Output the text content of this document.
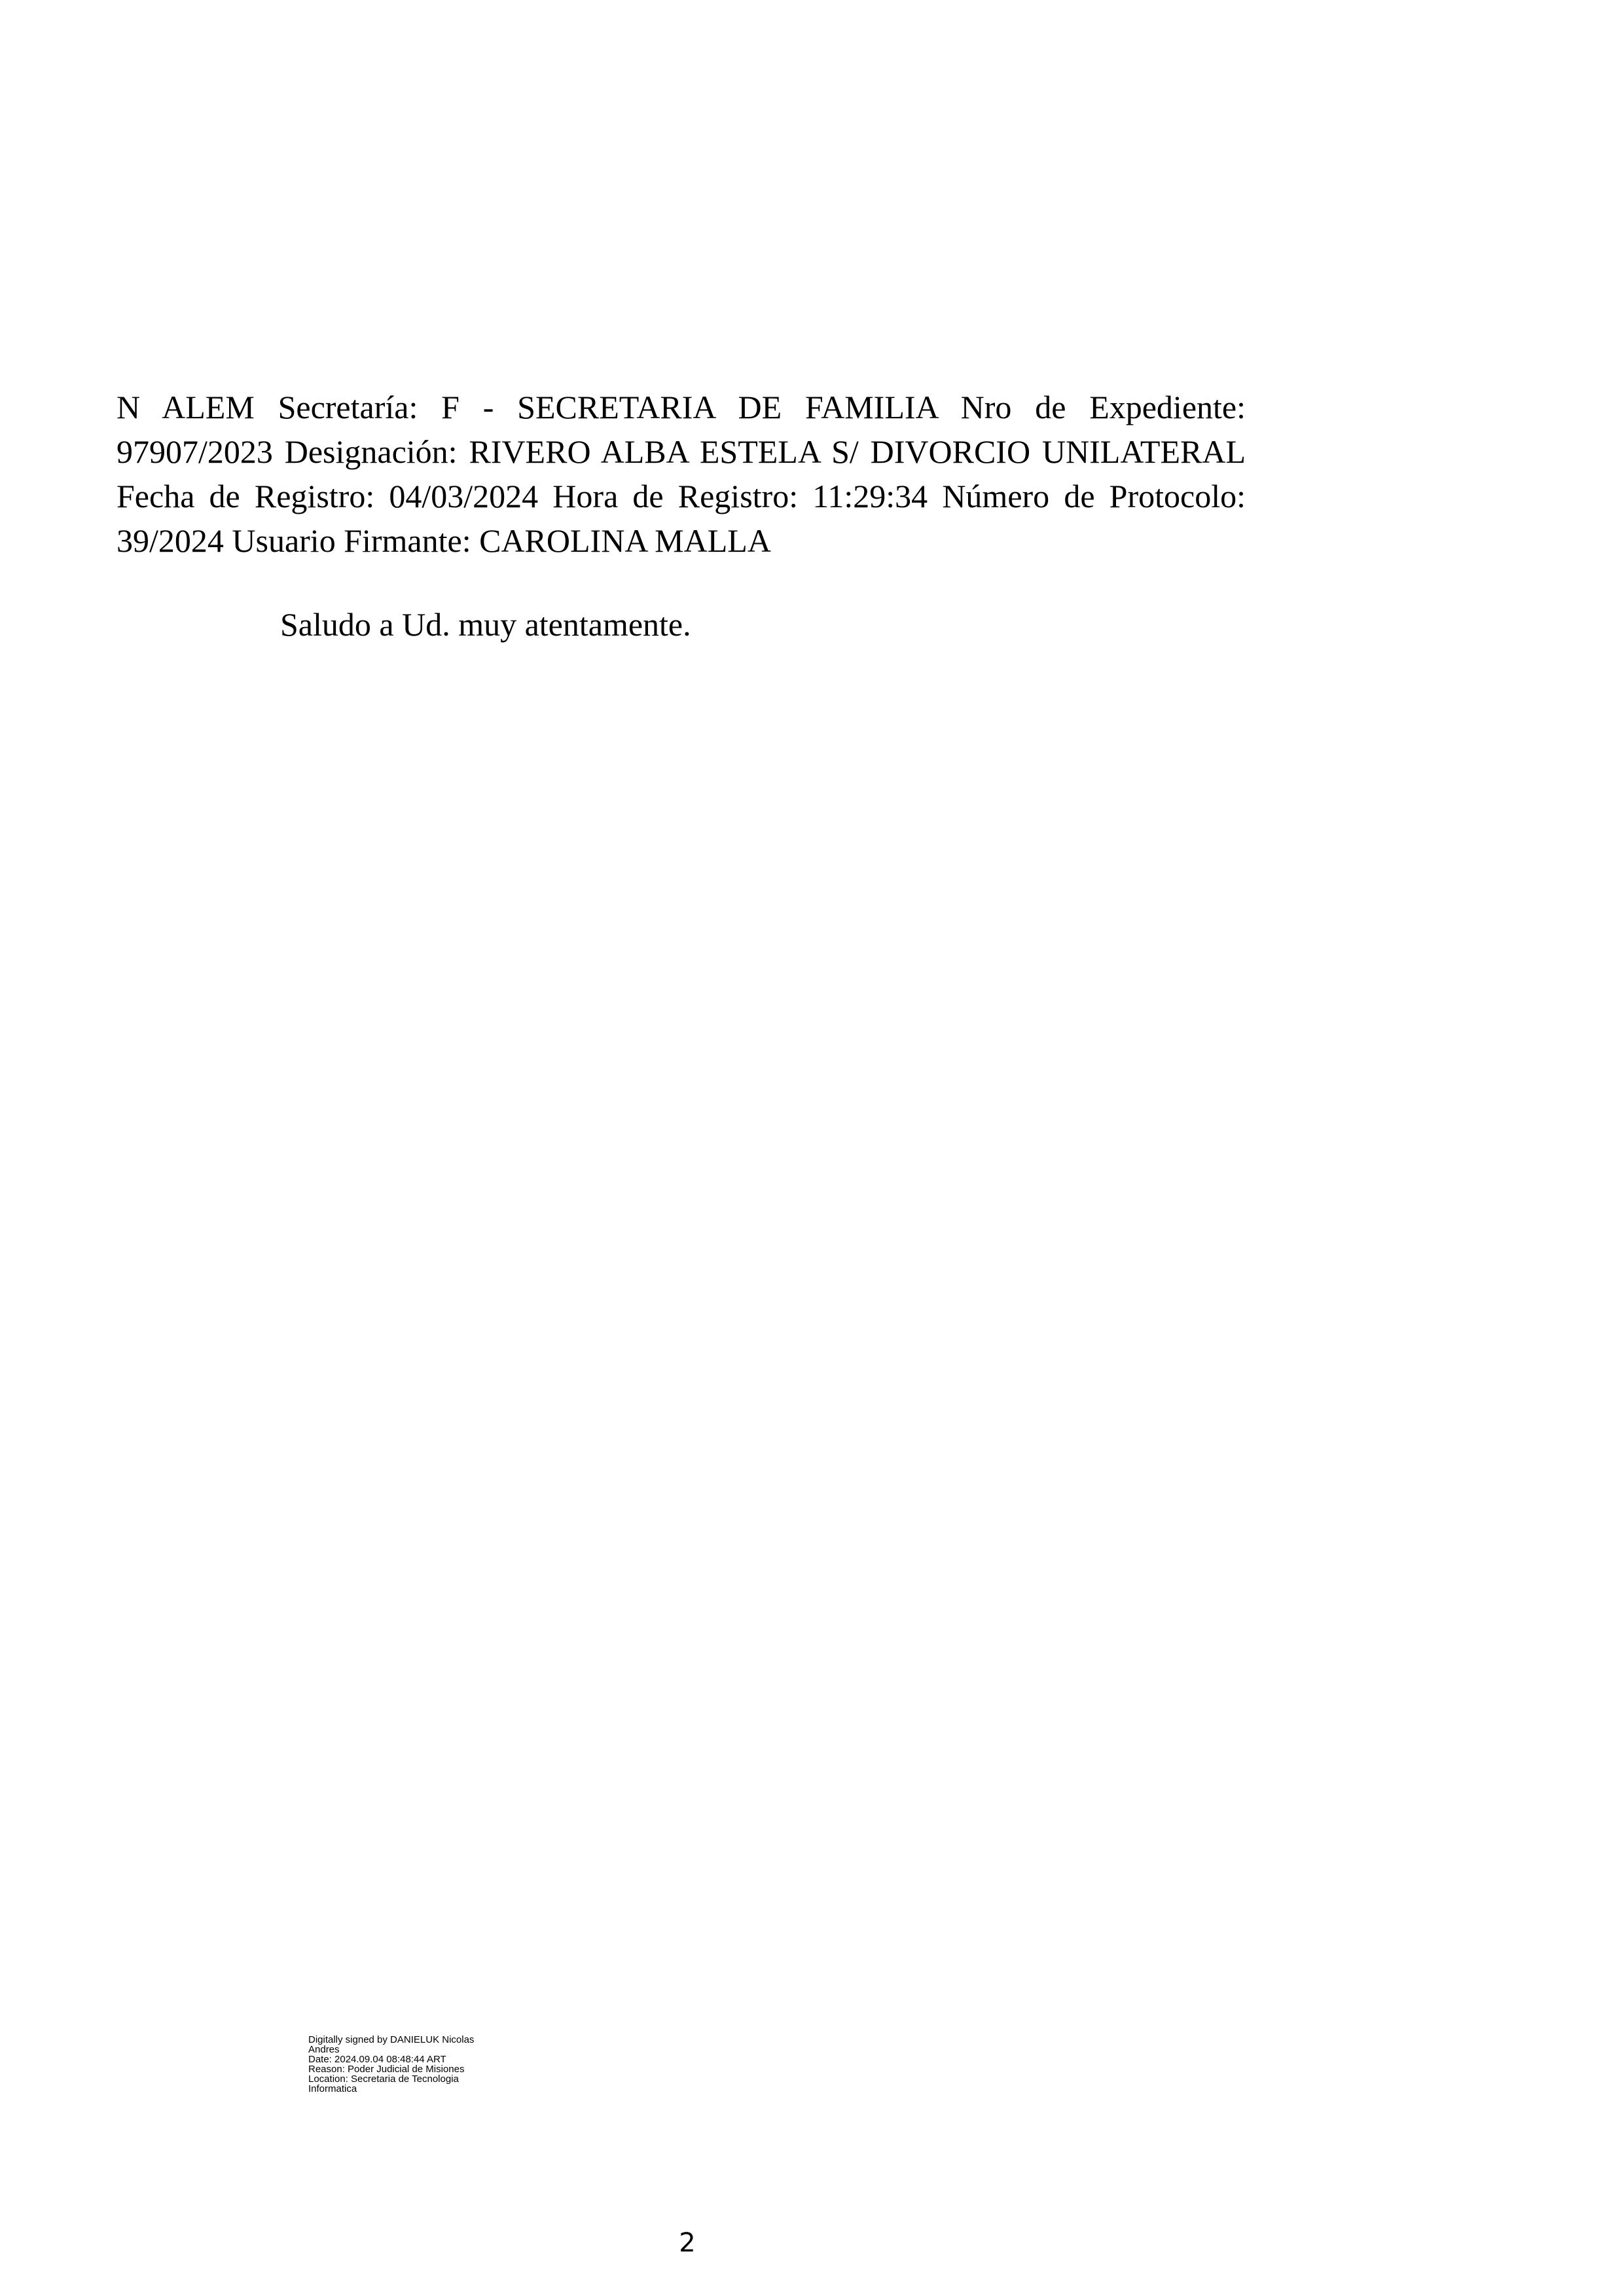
N ALEM Secretaría: F - SECRETARIA DE FAMILIA Nro de Expediente:
97907/2023 Designación: RIVERO ALBA ESTELA S/ DIVORCIO UNILATERAL
Fecha de Registro: 04/03/2024 Hora de Registro: 11:29:34 Número de Protocolo:
39/2024 Usuario Firmante: CAROLINA MALLA
Saludo a Ud. muy atentamente.
Digitally signed by DANIELUK Nicolas
Andres
Date: 2024.09.04 08:48:44 ART
Reason: Poder Judicial de Misiones
Location: Secretaria de Tecnologia
Informatica
2
